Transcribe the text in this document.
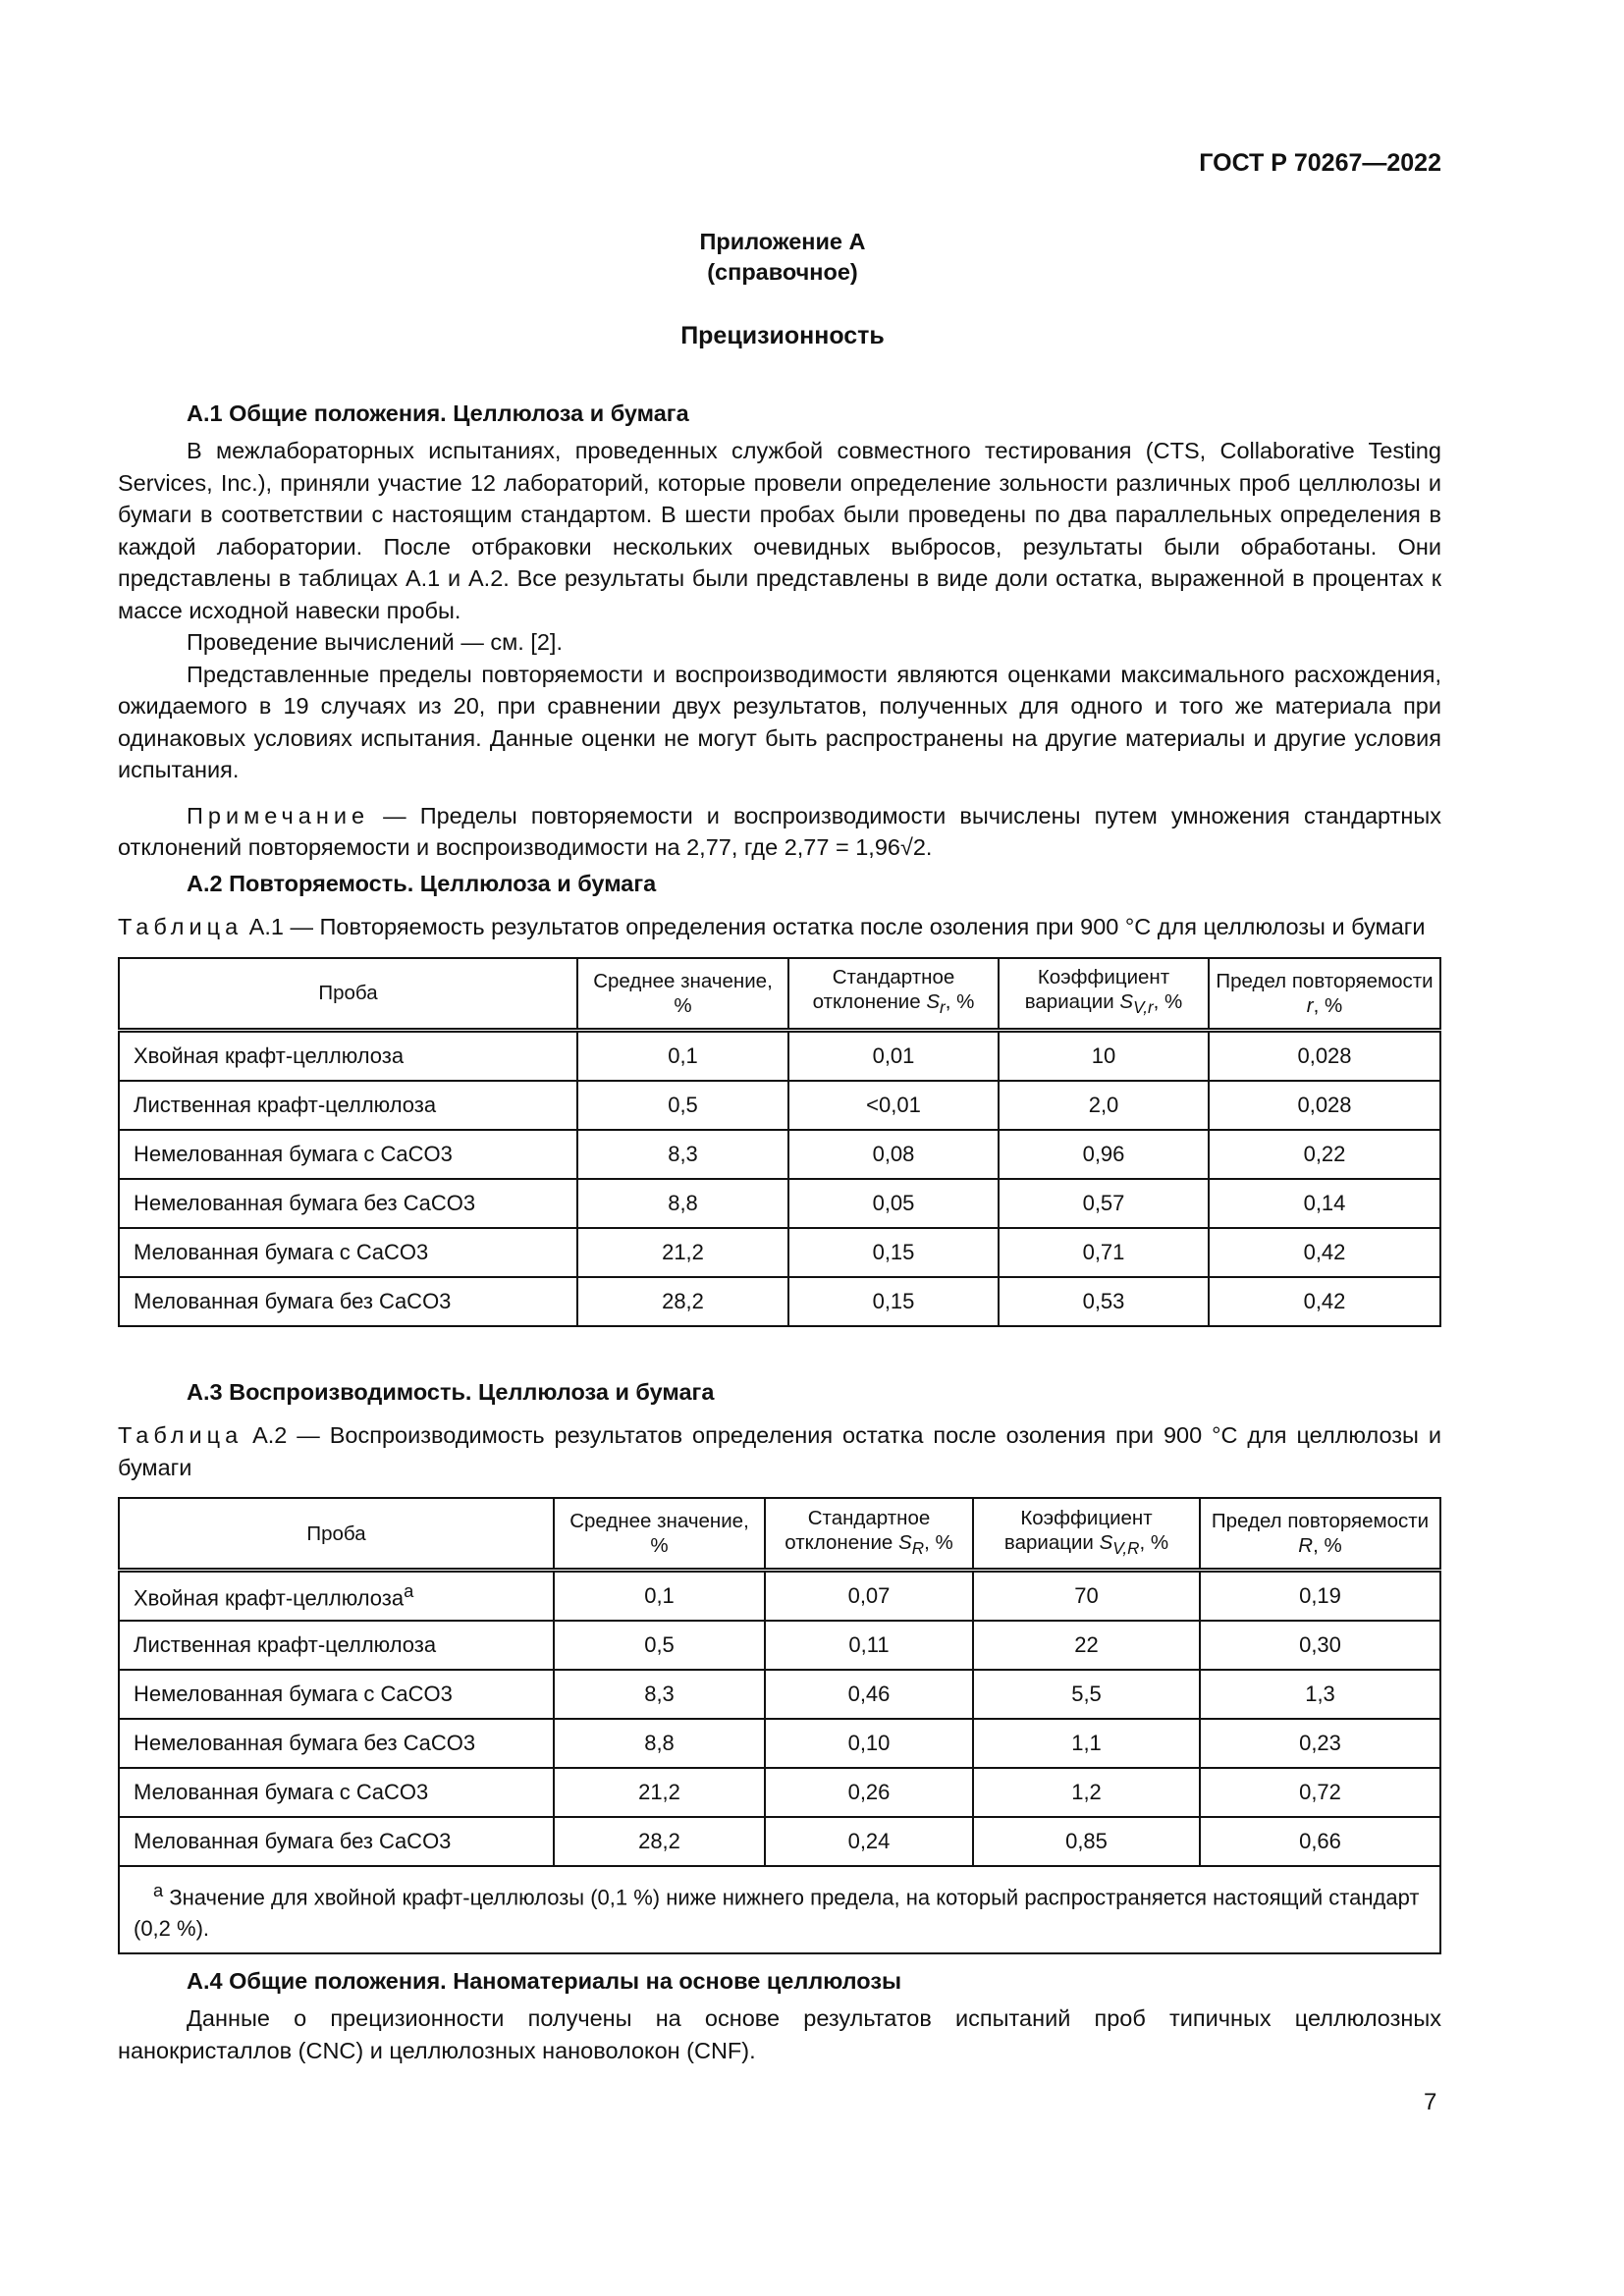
ГОСТ Р 70267—2022
Приложение А
(справочное)
Прецизионность
А.1 Общие положения. Целлюлоза и бумага

В межлабораторных испытаниях, проведенных службой совместного тестирования (CTS, Collaborative Testing Services, Inc.), приняли участие 12 лабораторий, которые провели определение зольности различных проб целлюлозы и бумаги в соответствии с настоящим стандартом. В шести пробах были проведены по два параллельных определения в каждой лаборатории. После отбраковки нескольких очевидных выбросов, результаты были обработаны. Они представлены в таблицах А.1 и А.2. Все результаты были представлены в виде доли остатка, выраженной в процентах к массе исходной навески пробы.

Проведение вычислений — см. [2].

Представленные пределы повторяемости и воспроизводимости являются оценками максимального расхождения, ожидаемого в 19 случаях из 20, при сравнении двух результатов, полученных для одного и того же материала при одинаковых условиях испытания. Данные оценки не могут быть распространены на другие материалы и другие условия испытания.

Примечание — Пределы повторяемости и воспроизводимости вычислены путем умножения стандартных отклонений повторяемости и воспроизводимости на 2,77, где 2,77 = 1,96√2.

А.2 Повторяемость. Целлюлоза и бумага

Таблица А.1 — Повторяемость результатов определения остатка после озоления при 900 °С для целлюлозы и бумаги

Проба	Среднее значение, %	Стандартное отклонение $S_r$, %	Коэффициент вариации $S_{V,r}$, %	Предел повторяемости r, %
Хвойная крафт-целлюлоза	0,1	0,01	10	0,028
Лиственная крафт-целлюлоза	0,5	<0,01	2,0	0,028
Немелованная бумага с CaCO3	8,3	0,08	0,96	0,22
Немелованная бумага без CaCO3	8,8	0,05	0,57	0,14
Мелованная бумага с CaCO3	21,2	0,15	0,71	0,42
Мелованная бумага без CaCO3	28,2	0,15	0,53	0,42
А.3 Воспроизводимость. Целлюлоза и бумага

Таблица А.2 — Воспроизводимость результатов определения остатка после озоления при 900 °С для целлюлозы и бумаги

Проба	Среднее значение, %	Стандартное отклонение $S_R$, %	Коэффициент вариации $S_{V,R}$, %	Предел повторяемости R, %
Хвойная крафт-целлюлоза$^a$	0,1	0,07	70	0,19
Лиственная крафт-целлюлоза	0,5	0,11	22	0,30
Немелованная бумага с CaCO3	8,3	0,46	5,5	1,3
Немелованная бумага без CaCO3	8,8	0,10	1,1	0,23
Мелованная бумага с CaCO3	21,2	0,26	1,2	0,72
Мелованная бумага без CaCO3	28,2	0,24	0,85	0,66
$^a$ Значение для хвойной крафт-целлюлозы (0,1 %) ниже нижнего предела, на который распространяется настоящий стандарт (0,2 %).				
А.4 Общие положения. Наноматериалы на основе целлюлозы

Данные о прецизионности получены на основе результатов испытаний проб типичных целлюлозных нанокристаллов (CNC) и целлюлозных нановолокон (CNF).

7
